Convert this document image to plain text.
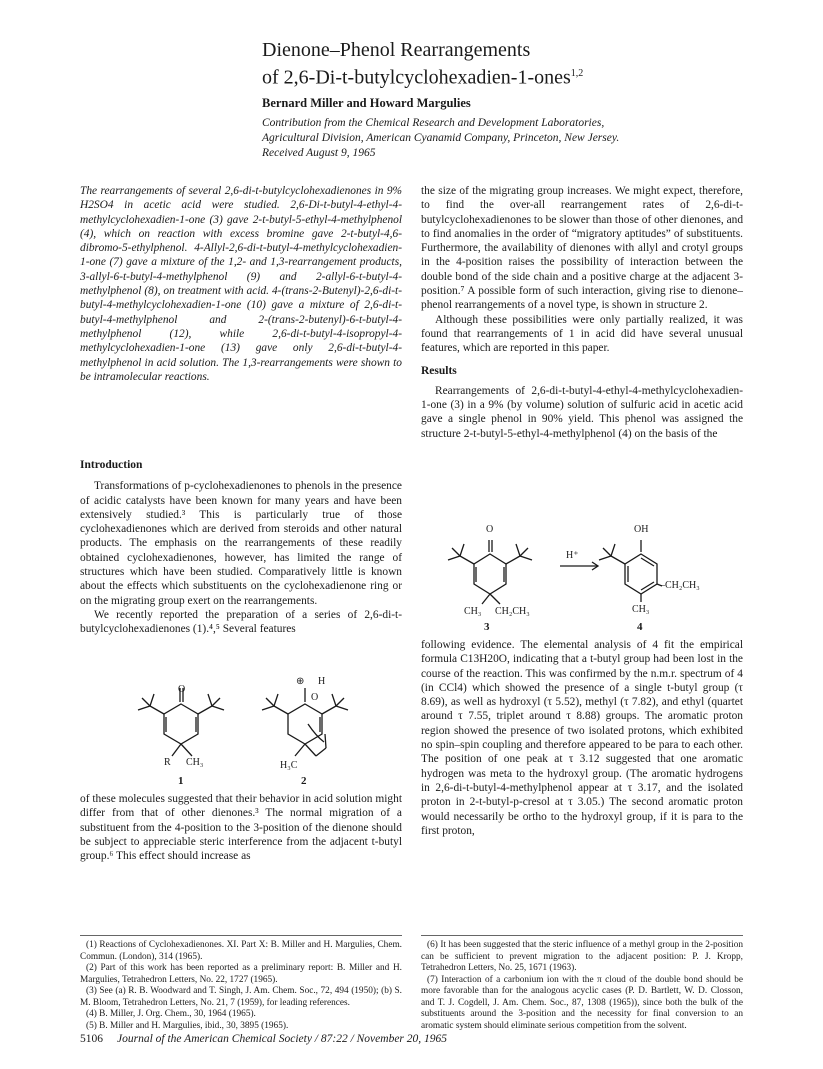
Dienone–Phenol Rearrangements
of 2,6-Di-t-butylcyclohexadien-1-ones$^{1,2}$
Bernard Miller and Howard Margulies
Contribution from the Chemical Research and Development Laboratories,
Agricultural Division, American Cyanamid Company, Princeton, New Jersey.
Received August 9, 1965

The rearrangements of several 2,6-di-t-butylcyclohexadienones in 9% H2SO4 in acetic acid were studied. 2,6-Di-t-butyl-4-ethyl-4-methylcyclohexadien-1-one (3) gave 2-t-butyl-5-ethyl-4-methylphenol (4), which on reaction with excess bromine gave 2-t-butyl-4,6-dibromo-5-ethylphenol. 4-Allyl-2,6-di-t-butyl-4-methylcyclohexadien-1-one (7) gave a mixture of the 1,2- and 1,3-rearrangement products, 3-allyl-6-t-butyl-4-methylphenol (9) and 2-allyl-6-t-butyl-4-methylphenol (8), on treatment with acid. 4-(trans-2-Butenyl)-2,6-di-t-butyl-4-methylcyclohexadien-1-one (10) gave a mixture of 2,6-di-t-butyl-4-methylphenol and 2-(trans-2-butenyl)-6-t-butyl-4-methylphenol (12), while 2,6-di-t-butyl-4-isopropyl-4-methylcyclohexadien-1-one (13) gave only 2,6-di-t-butyl-4-methylphenol in acid solution. The 1,3-rearrangements were shown to be intramolecular reactions.

Introduction

Transformations of p-cyclohexadienones to phenols in the presence of acidic catalysts have been known for many years and have been extensively studied.³ This is particularly true of those cyclohexadienones which are derived from steroids and other natural products. The emphasis on the rearrangements of these readily obtained cyclohexadienones, however, has limited the range of structures which have been studied. Comparatively little is known about the effects which substituents on the cyclohexadienone ring or on the migrating group exert on the rearrangements.

We recently reported the preparation of a series of 2,6-di-t-butylcyclohexadienones (1).⁴,⁵ Several features

O
R CH₃
1
⊕ H
O
H₃C
2

of these molecules suggested that their behavior in acid solution might differ from that of other dienones.³ The normal migration of a substituent from the 4-position to the 3-position of the dienone should be subject to appreciable steric interference from the adjacent t-butyl group.⁶ This effect should increase as

the size of the migrating group increases. We might expect, therefore, to find the over-all rearrangement rates of 2,6-di-t-butylcyclohexadienones to be slower than those of other dienones, and to find anomalies in the order of “migratory aptitudes” of substituents. Furthermore, the availability of dienones with allyl and crotyl groups in the 4-position raises the possibility of interaction between the double bond of the side chain and a positive charge at the adjacent 3-position.⁷ A possible form of such interaction, giving rise to dienone–phenol rearrangements of a novel type, is shown in structure 2.

Although these possibilities were only partially realized, it was found that rearrangements of 1 in acid did have several unusual features, which are reported in this paper.

Results

Rearrangements of 2,6-di-t-butyl-4-ethyl-4-methylcyclohexadien-1-one (3) in a 9% (by volume) solution of sulfuric acid in acetic acid gave a single phenol in 90% yield. This phenol was assigned the structure 2-t-butyl-5-ethyl-4-methylphenol (4) on the basis of the

O
CH₃ CH₂CH₃
3
H⁺
OH
–CH₂CH₃
CH₃
4

following evidence. The elemental analysis of 4 fit the empirical formula C13H20O, indicating that a t-butyl group had been lost in the course of the reaction. This was confirmed by the n.m.r. spectrum of 4 (in CCl4) which showed the presence of a single t-butyl group (τ 8.69), as well as hydroxyl (τ 5.52), methyl (τ 7.82), and ethyl (quartet around τ 7.55, triplet around τ 8.88) groups. The aromatic proton region showed the presence of two isolated protons, which exhibited no spin–spin coupling and therefore appeared to be para to each other. The position of one peak at τ 3.12 suggested that one aromatic hydrogen was meta to the hydroxyl group. (The aromatic hydrogens in 2,6-di-t-butyl-4-methylphenol appear at τ 3.17, and the isolated proton in 2-t-butyl-p-cresol at τ 3.05.) The second aromatic proton would necessarily be ortho to the hydroxyl group, if it is para to the first proton,

(1) Reactions of Cyclohexadienones. XI. Part X: B. Miller and H. Margulies, Chem. Commun. (London), 314 (1965).

(2) Part of this work has been reported as a preliminary report: B. Miller and H. Margulies, Tetrahedron Letters, No. 22, 1727 (1965).

(3) See (a) R. B. Woodward and T. Singh, J. Am. Chem. Soc., 72, 494 (1950); (b) S. M. Bloom, Tetrahedron Letters, No. 21, 7 (1959), for leading references.

(4) B. Miller, J. Org. Chem., 30, 1964 (1965).

(5) B. Miller and H. Margulies, ibid., 30, 3895 (1965).

(6) It has been suggested that the steric influence of a methyl group in the 2-position can be sufficient to prevent migration to the adjacent position: P. J. Kropp, Tetrahedron Letters, No. 25, 1671 (1963).

(7) Interaction of a carbonium ion with the π cloud of the double bond should be more favorable than for the analogous acyclic cases (P. D. Bartlett, W. D. Closson, and T. J. Cogdell, J. Am. Chem. Soc., 87, 1308 (1965)), since both the bulk of the substituents around the 3-position and the necessity for final conversion to an aromatic system should eliminate serious competition from the solvent.

5106 Journal of the American Chemical Society / 87:22 / November 20, 1965
